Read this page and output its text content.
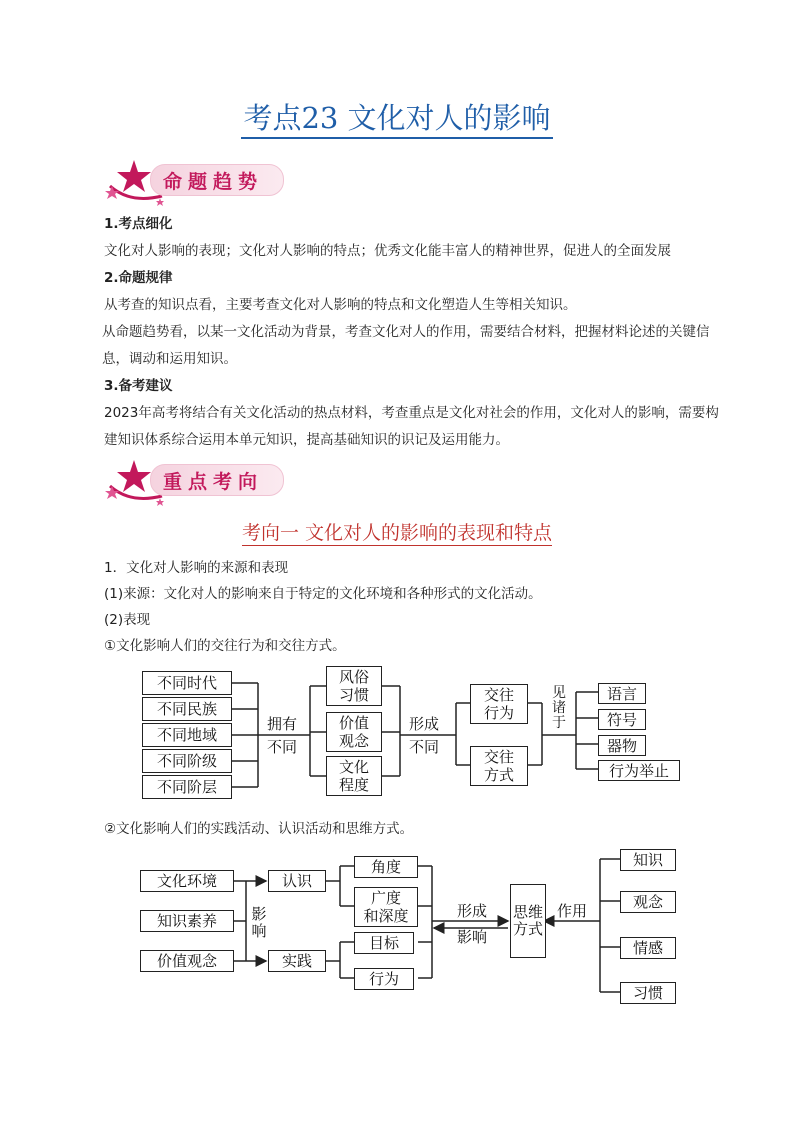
考点23 文化对人的影响
命题趋势
1.考点细化
文化对人影响的表现；文化对人影响的特点；优秀文化能丰富人的精神世界，促进人的全面发展
2.命题规律
从考查的知识点看，主要考查文化对人影响的特点和文化塑造人生等相关知识。
从命题趋势看，以某一文化活动为背景，考查文化对人的作用，需要结合材料，把握材料论述的关键信息，调动和运用知识。
3.备考建议
2023年高考将结合有关文化活动的热点材料，考查重点是文化对社会的作用，文化对人的影响，需要构建知识体系综合运用本单元知识，提高基础知识的识记及运用能力。
重点考向
考向一 文化对人的影响的表现和特点
1．文化对人影响的来源和表现
(1)来源：文化对人的影响来自于特定的文化环境和各种形式的文化活动。
(2)表现
①文化影响人们的交往行为和交往方式。
不同时代
不同民族
不同地域
不同阶级
不同阶层
拥有
不同
风俗
习惯
价值
观念
文化
程度
形成
不同
交往
行为
交往
方式
见诸于
语言
符号
器物
行为举止
②文化影响人们的实践活动、认识活动和思维方式。
文化环境
知识素养
价值观念
影响
认识
实践
角度
广度
和深度
目标
行为
形成
影响
思维方式
作用
知识
观念
情感
习惯
